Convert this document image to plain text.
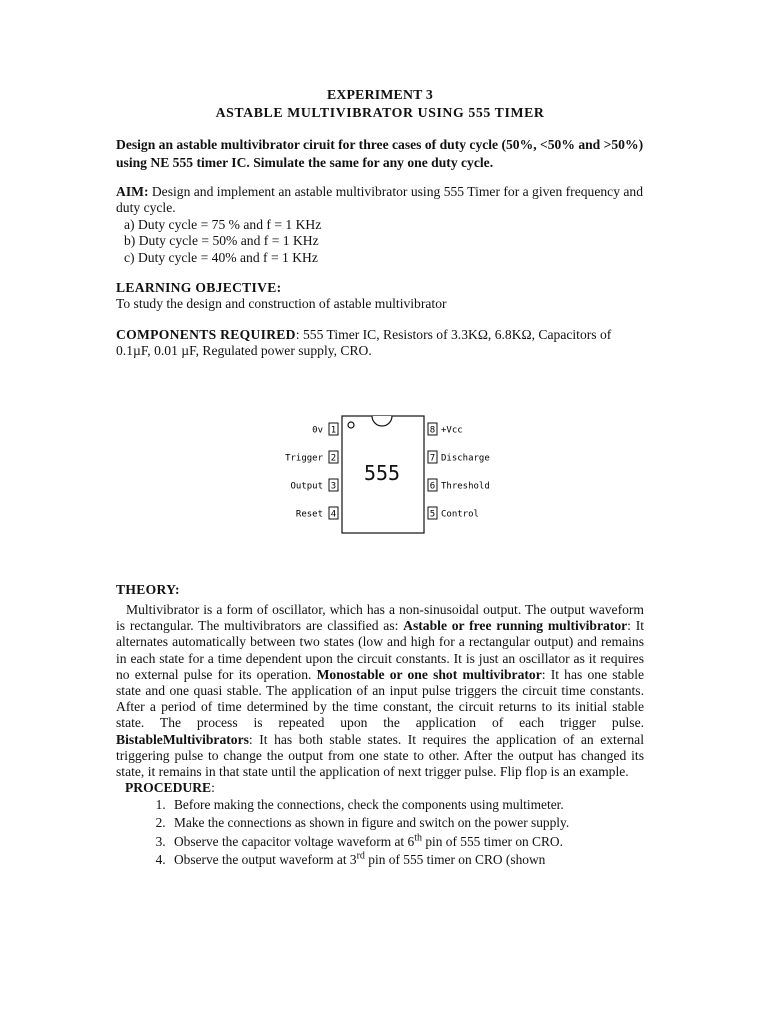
EXPERIMENT 3
ASTABLE MULTIVIBRATOR USING 555 TIMER
Design an astable multivibrator ciruit for three cases of duty cycle (50%, <50% and >50%) using NE 555 timer IC. Simulate the same for any one duty cycle.
AIM: Design and implement an astable multivibrator using 555 Timer for a given frequency and duty cycle.
a) Duty cycle = 75 % and f = 1 KHz
b) Duty cycle = 50% and f = 1 KHz
c) Duty cycle = 40% and f = 1 KHz
LEARNING OBJECTIVE:
To study the design and construction of astable multivibrator
COMPONENTS REQUIRED: 555 Timer IC, Resistors of 3.3KΩ, 6.8KΩ, Capacitors of 0.1µF, 0.01 µF, Regulated power supply, CRO.
555
1
2
3
4
0v
Trigger
Output
Reset
8
7
6
5
+Vcc
Discharge
Threshold
Control
THEORY:

Multivibrator is a form of oscillator, which has a non-sinusoidal output. The output waveform is rectangular. The multivibrators are classified as: Astable or free running multivibrator: It alternates automatically between two states (low and high for a rectangular output) and remains in each state for a time dependent upon the circuit constants. It is just an oscillator as it requires no external pulse for its operation. Monostable or one shot multivibrator: It has one stable state and one quasi stable. The application of an input pulse triggers the circuit time constants. After a period of time determined by the time constant, the circuit returns to its initial stable state. The process is repeated upon the application of each trigger pulse. BistableMultivibrators: It has both stable states. It requires the application of an external triggering pulse to change the output from one state to other. After the output has changed its state, it remains in that state until the application of next trigger pulse. Flip flop is an example.

PROCEDURE:
1. Before making the connections, check the components using multimeter.
2. Make the connections as shown in figure and switch on the power supply.
3. Observe the capacitor voltage waveform at 6th pin of 555 timer on CRO.
4. Observe the output waveform at 3rd pin of 555 timer on CRO (shown
